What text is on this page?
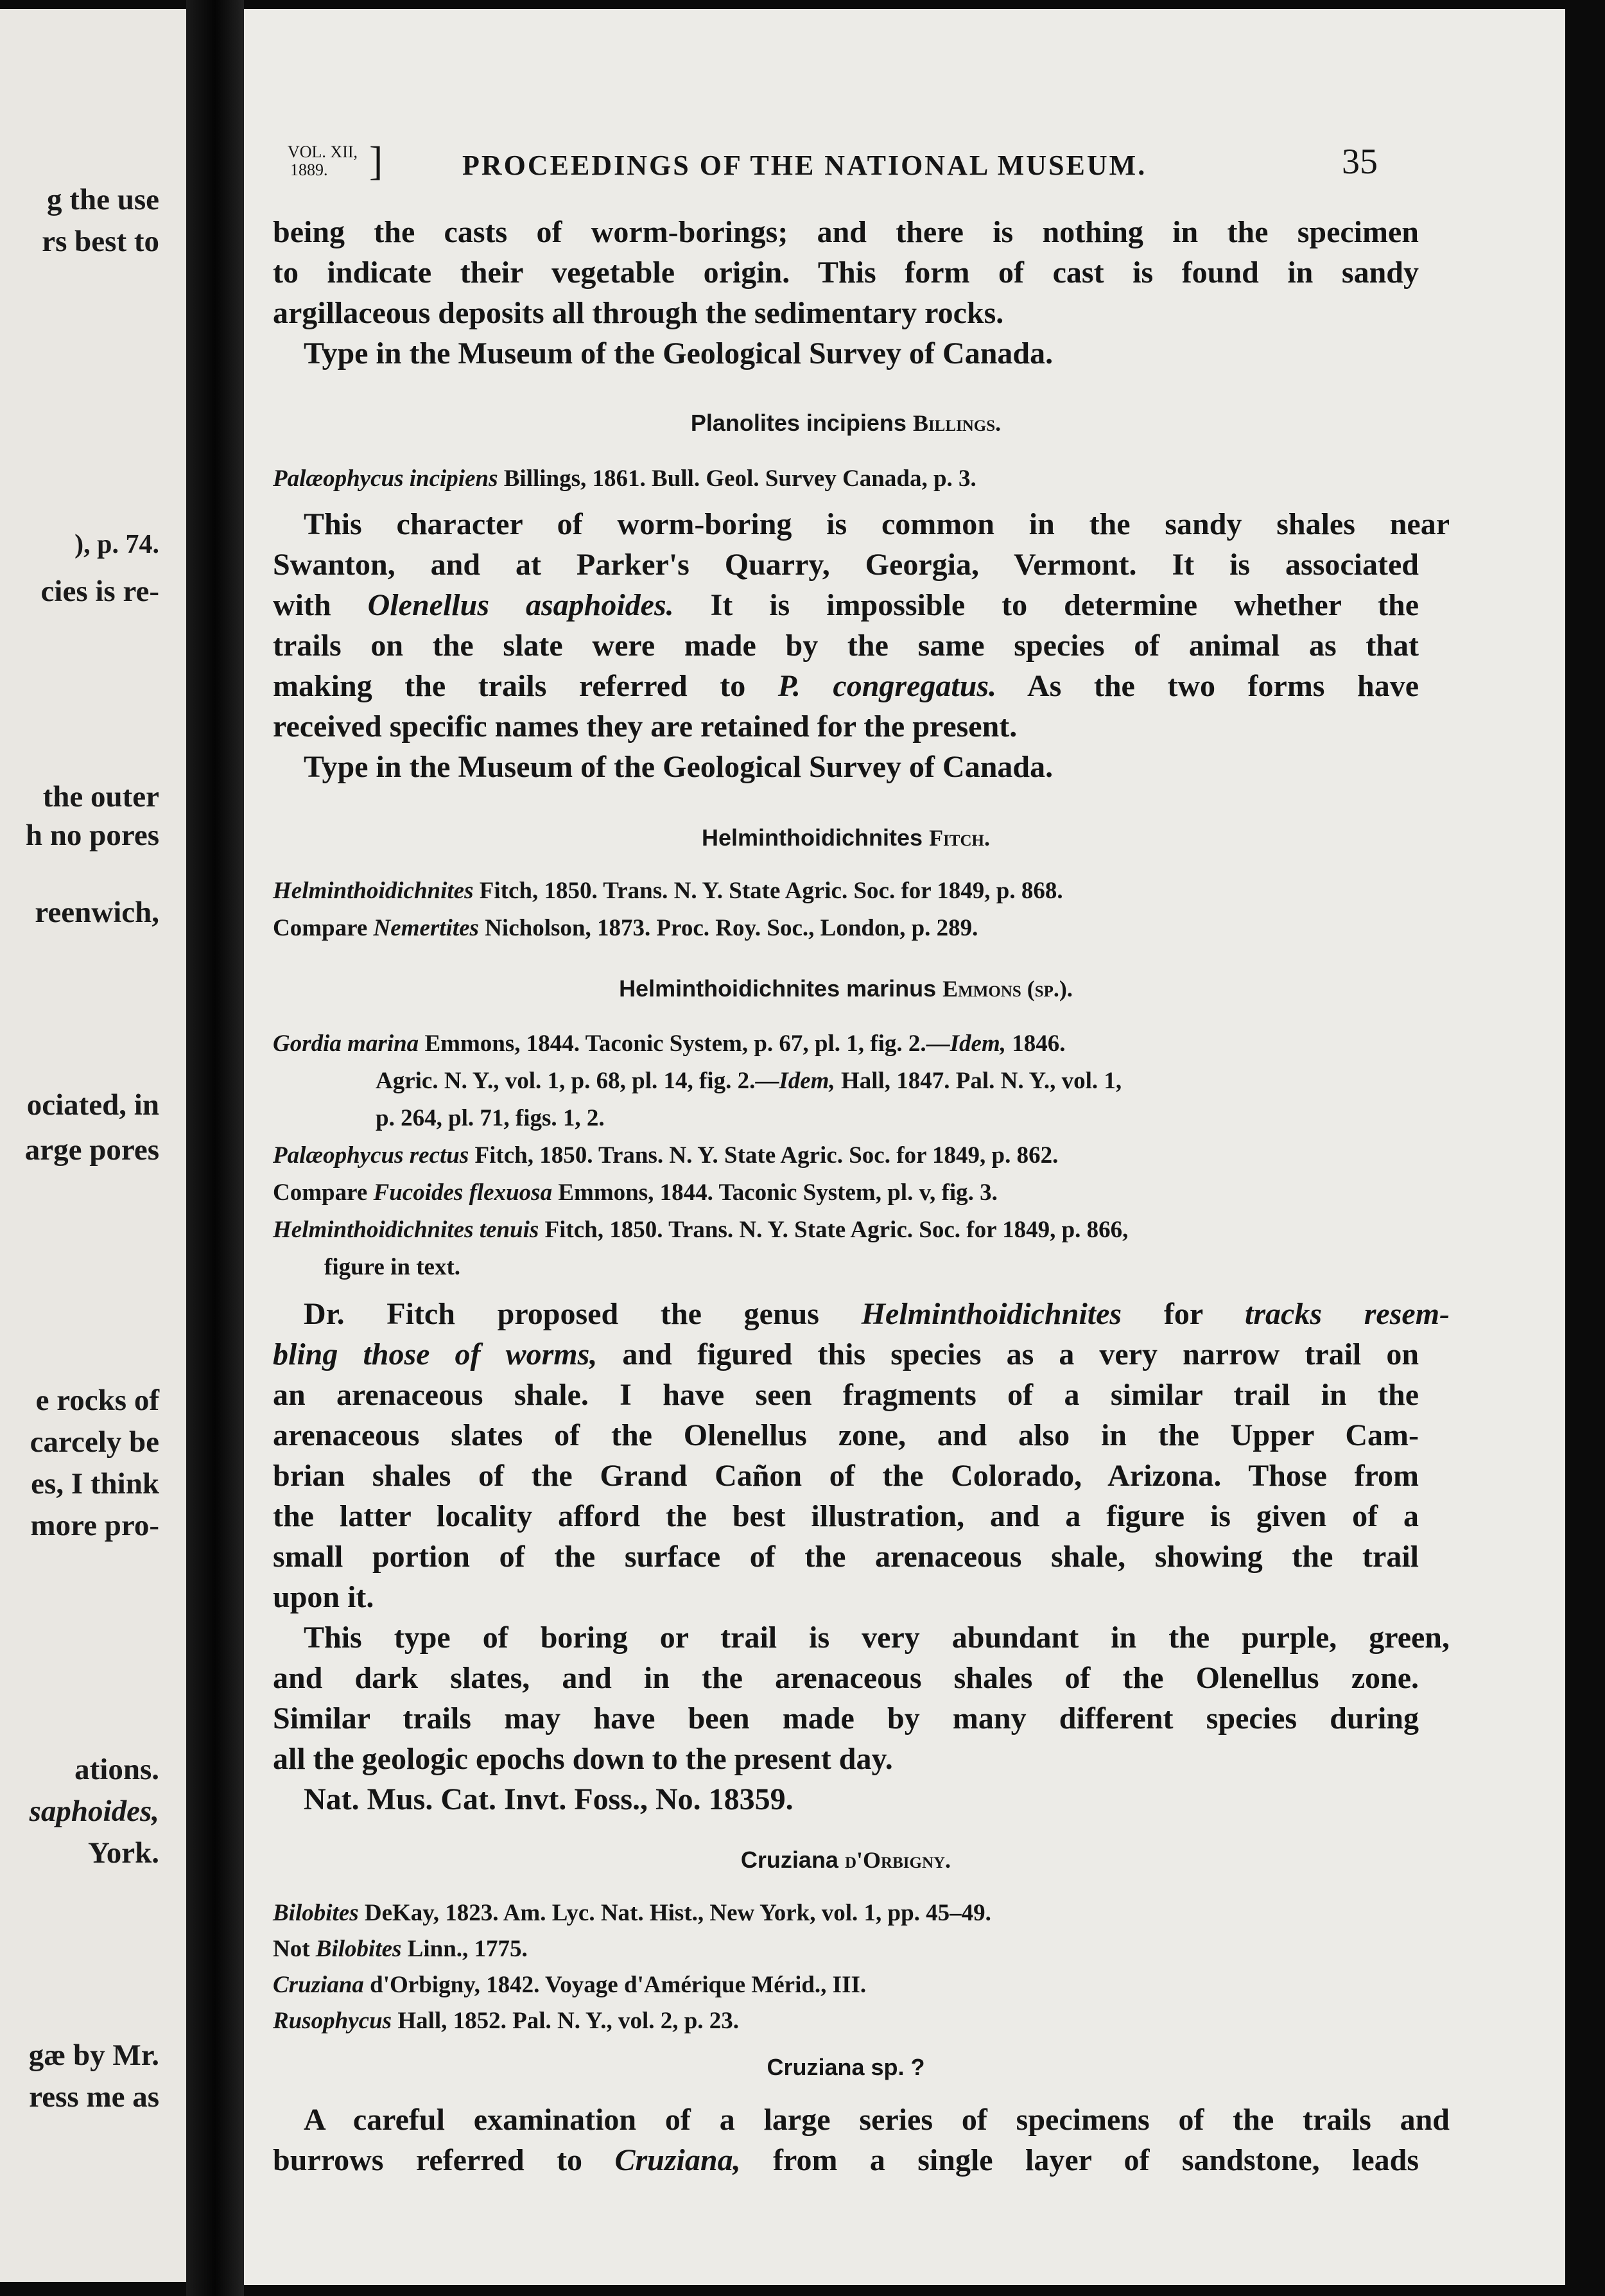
g the use
rs best to
), p. 74.
cies is re-
the outer
h no pores
reenwich,
ociated, in
arge pores
e rocks of
carcely be
es, I think
more pro-
ations.
saphoides,
York.
gæ by Mr.
ress me as
VOL. XII,
1889. ]	PROCEEDINGS OF THE NATIONAL MUSEUM.	35
being the casts of worm-borings; and there is nothing in the specimen
to indicate their vegetable origin. This form of cast is found in sandy
argillaceous deposits all through the sedimentary rocks.
Type in the Museum of the Geological Survey of Canada.
Planolites incipiens Billings.
Palæophycus incipiens Billings, 1861. Bull. Geol. Survey Canada, p. 3.
This character of worm-boring is common in the sandy shales near
Swanton, and at Parker's Quarry, Georgia, Vermont. It is associated
with Olenellus asaphoides. It is impossible to determine whether the
trails on the slate were made by the same species of animal as that
making the trails referred to P. congregatus. As the two forms have
received specific names they are retained for the present.
Type in the Museum of the Geological Survey of Canada.
Helminthoidichnites Fitch.
Helminthoidichnites Fitch, 1850. Trans. N. Y. State Agric. Soc. for 1849, p. 868.
Compare Nemertites Nicholson, 1873. Proc. Roy. Soc., London, p. 289.
Helminthoidichnites marinus Emmons (sp.).
Gordia marina Emmons, 1844. Taconic System, p. 67, pl. 1, fig. 2.—Idem, 1846.
Agric. N. Y., vol. 1, p. 68, pl. 14, fig. 2.—Idem, Hall, 1847. Pal. N. Y., vol. 1,
p. 264, pl. 71, figs. 1, 2.
Palæophycus rectus Fitch, 1850. Trans. N. Y. State Agric. Soc. for 1849, p. 862.
Compare Fucoides flexuosa Emmons, 1844. Taconic System, pl. v, fig. 3.
Helminthoidichnites tenuis Fitch, 1850. Trans. N. Y. State Agric. Soc. for 1849, p. 866,
figure in text.
Dr. Fitch proposed the genus Helminthoidichnites for tracks resem-
bling those of worms, and figured this species as a very narrow trail on
an arenaceous shale. I have seen fragments of a similar trail in the
arenaceous slates of the Olenellus zone, and also in the Upper Cam-
brian shales of the Grand Cañon of the Colorado, Arizona. Those from
the latter locality afford the best illustration, and a figure is given of a
small portion of the surface of the arenaceous shale, showing the trail
upon it.
This type of boring or trail is very abundant in the purple, green,
and dark slates, and in the arenaceous shales of the Olenellus zone.
Similar trails may have been made by many different species during
all the geologic epochs down to the present day.
Nat. Mus. Cat. Invt. Foss., No. 18359.
Cruziana d'Orbigny.
Bilobites DeKay, 1823. Am. Lyc. Nat. Hist., New York, vol. 1, pp. 45–49.
Not Bilobites Linn., 1775.
Cruziana d'Orbigny, 1842. Voyage d'Amérique Mérid., III.
Rusophycus Hall, 1852. Pal. N. Y., vol. 2, p. 23.
Cruziana sp. ?
A careful examination of a large series of specimens of the trails and
burrows referred to Cruziana, from a single layer of sandstone, leads
